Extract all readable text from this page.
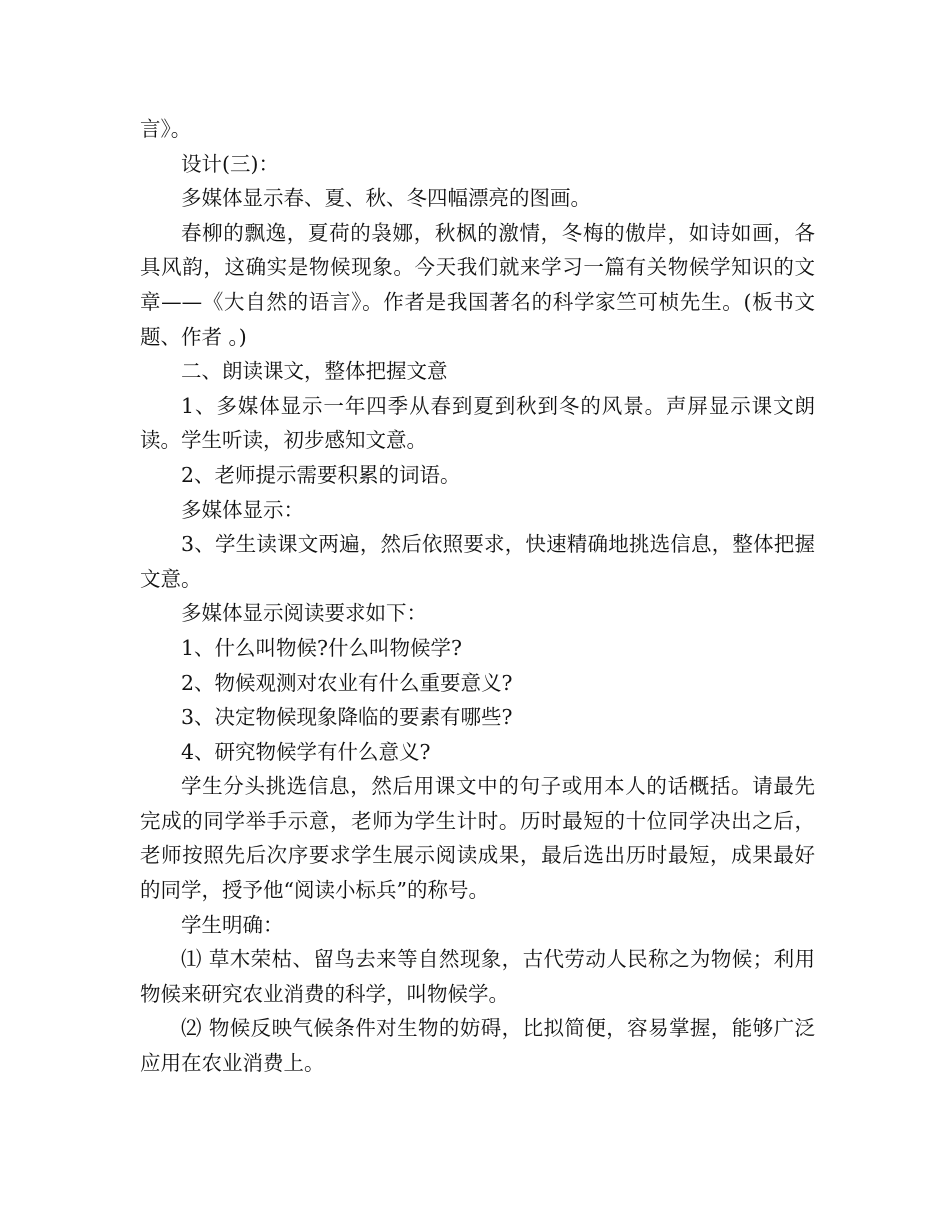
言》。

设计(三)：

多媒体显示春、夏、秋、冬四幅漂亮的图画。

春柳的飘逸，夏荷的袅娜，秋枫的激情，冬梅的傲岸，如诗如画，各具风韵，这确实是物候现象。今天我们就来学习一篇有关物候学知识的文章——《大自然的语言》。作者是我国著名的科学家竺可桢先生。(板书文题、作者 。)

二、朗读课文，整体把握文意

1、多媒体显示一年四季从春到夏到秋到冬的风景。声屏显示课文朗读。学生听读，初步感知文意。

2、老师提示需要积累的词语。

多媒体显示：

3、学生读课文两遍，然后依照要求，快速精确地挑选信息，整体把握文意。

多媒体显示阅读要求如下：

1、什么叫物候?什么叫物候学?

2、物候观测对农业有什么重要意义?

3、决定物候现象降临的要素有哪些?

4、研究物候学有什么意义?

学生分头挑选信息，然后用课文中的句子或用本人的话概括。请最先完成的同学举手示意，老师为学生计时。历时最短的十位同学决出之后，老师按照先后次序要求学生展示阅读成果，最后选出历时最短，成果最好的同学，授予他“阅读小标兵”的称号。

学生明确：

⑴ 草木荣枯、留鸟去来等自然现象，古代劳动人民称之为物候；利用物候来研究农业消费的科学，叫物候学。

⑵ 物候反映气候条件对生物的妨碍，比拟简便，容易掌握，能够广泛应用在农业消费上。
